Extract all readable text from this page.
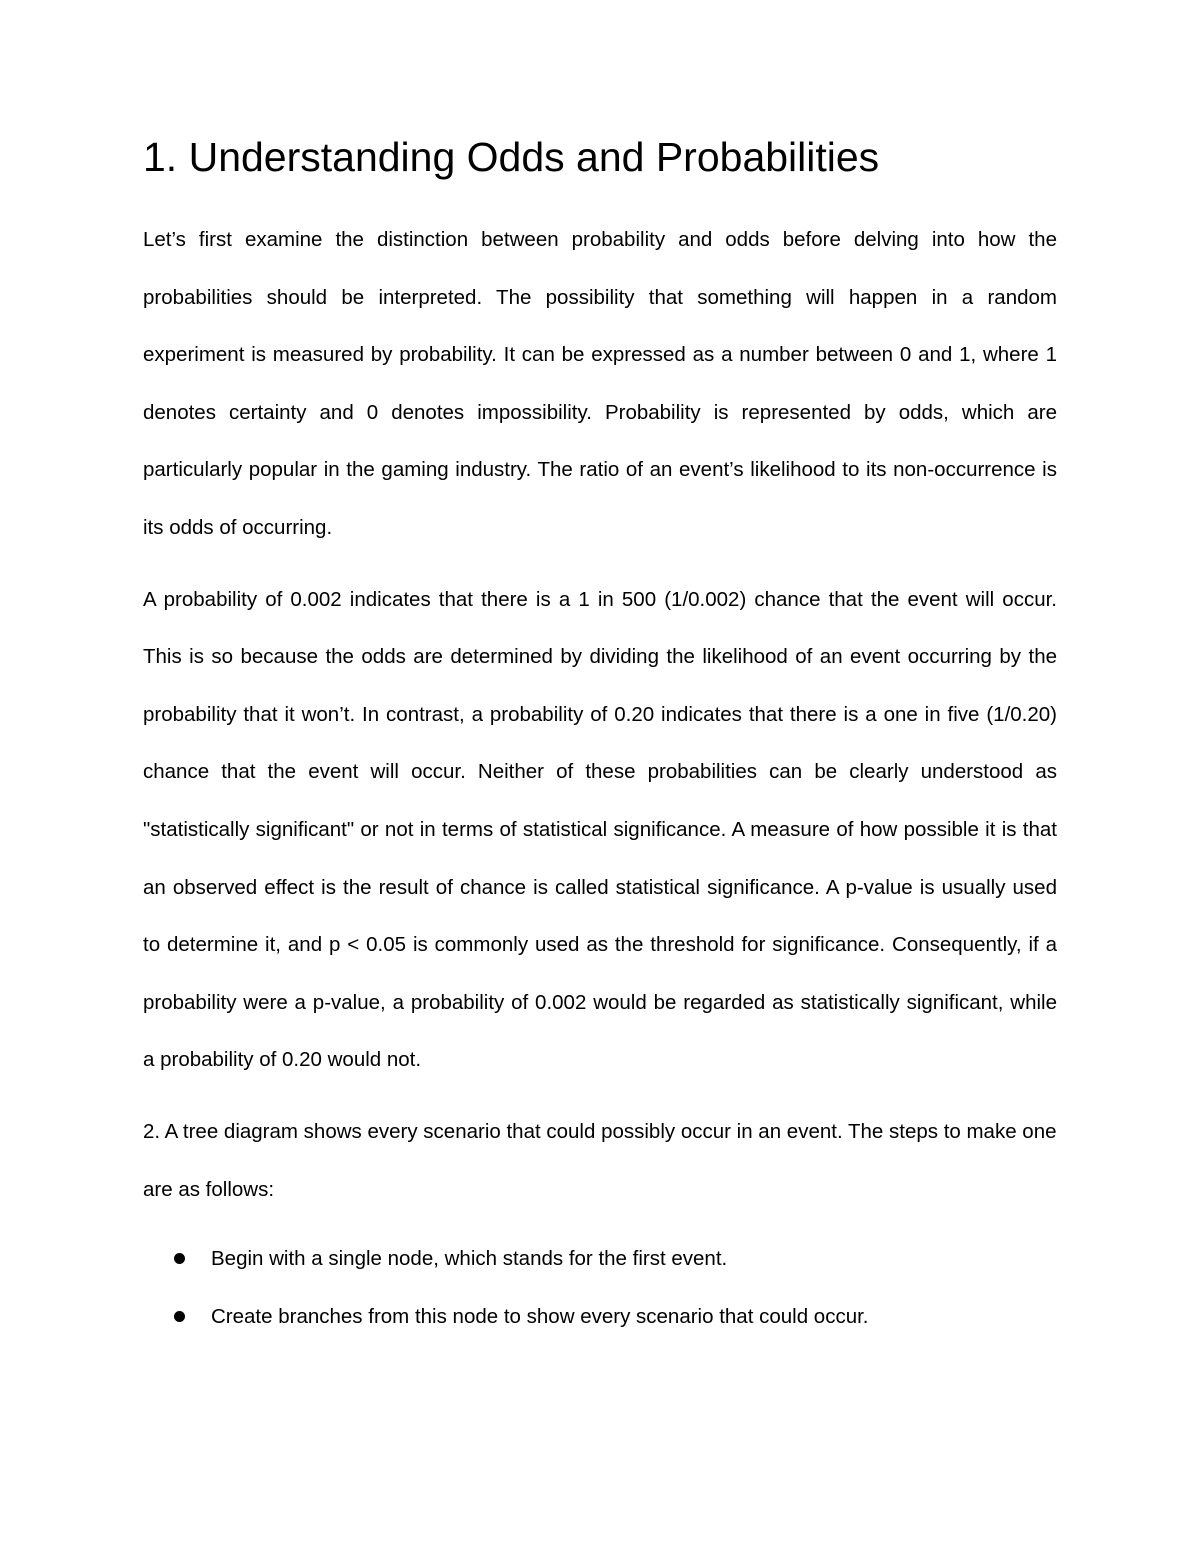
1. Understanding Odds and Probabilities

Let’s first examine the distinction between probability and odds before delving into how the probabilities should be interpreted. The possibility that something will happen in a random experiment is measured by probability. It can be expressed as a number between 0 and 1, where 1 denotes certainty and 0 denotes impossibility. Probability is represented by odds, which are particularly popular in the gaming industry. The ratio of an event’s likelihood to its non-occurrence is its odds of occurring.

A probability of 0.002 indicates that there is a 1 in 500 (1/0.002) chance that the event will occur. This is so because the odds are determined by dividing the likelihood of an event occurring by the probability that it won’t. In contrast, a probability of 0.20 indicates that there is a one in five (1/0.20) chance that the event will occur. Neither of these probabilities can be clearly understood as "statistically significant" or not in terms of statistical significance. A measure of how possible it is that an observed effect is the result of chance is called statistical significance. A p-value is usually used to determine it, and p < 0.05 is commonly used as the threshold for significance. Consequently, if a probability were a p-value, a probability of 0.002 would be regarded as statistically significant, while a probability of 0.20 would not.

2. A tree diagram shows every scenario that could possibly occur in an event. The steps to make one are as follows:

Begin with a single node, which stands for the first event.
Create branches from this node to show every scenario that could occur.
